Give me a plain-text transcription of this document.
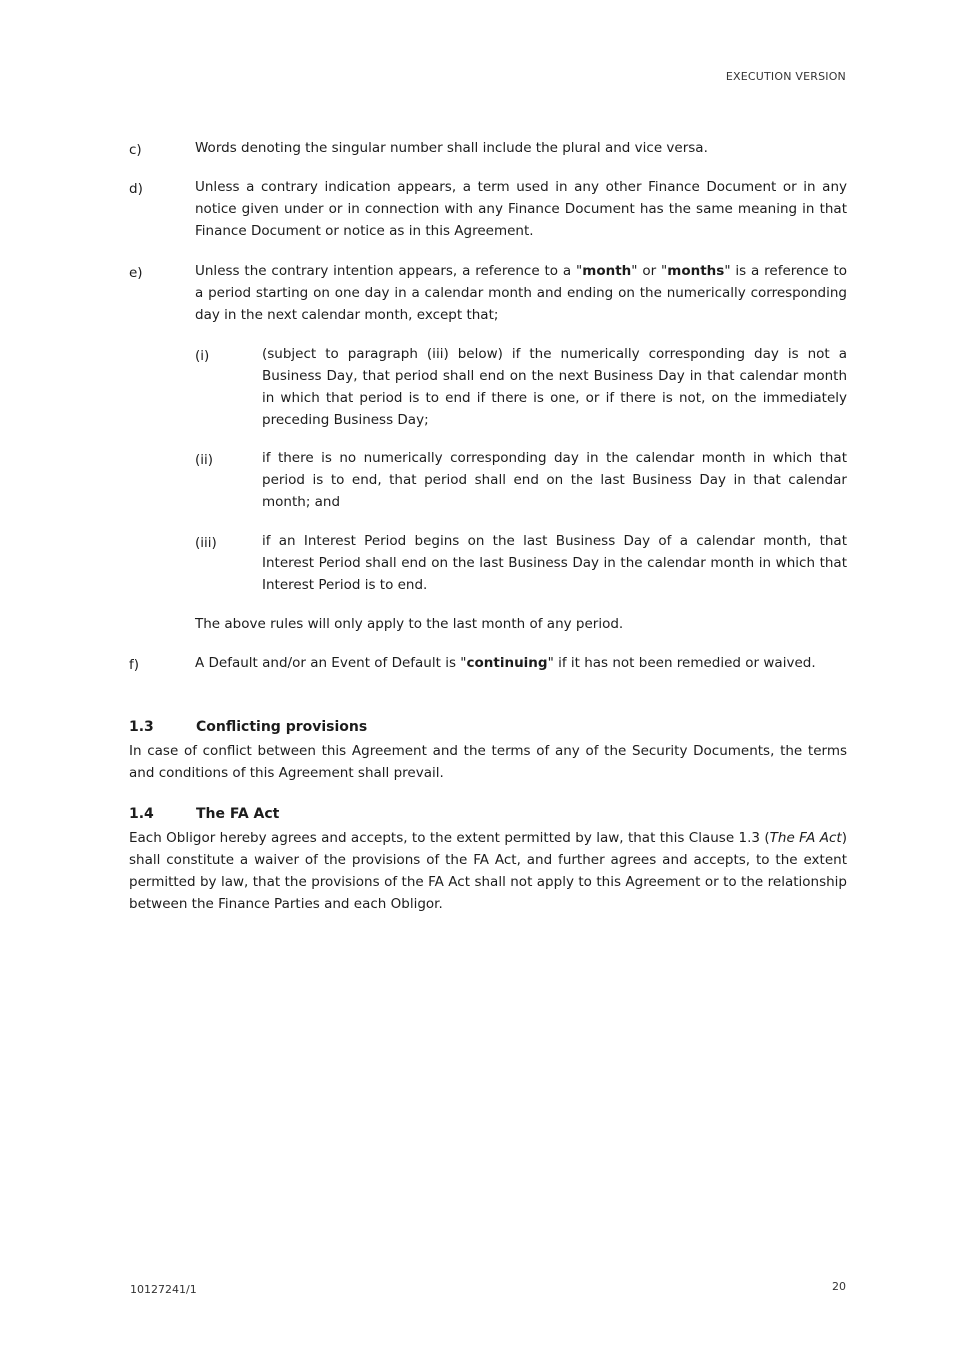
EXECUTION VERSION
c)	Words denoting the singular number shall include the plural and vice versa.
d)	Unless a contrary indication appears, a term used in any other Finance Document or in any notice given under or in connection with any Finance Document has the same meaning in that Finance Document or notice as in this Agreement.
e)	Unless the contrary intention appears, a reference to a "month" or "months" is a reference to a period starting on one day in a calendar month and ending on the numerically corresponding day in the next calendar month, except that;
(i)	(subject to paragraph (iii) below) if the numerically corresponding day is not a Business Day, that period shall end on the next Business Day in that calendar month in which that period is to end if there is one, or if there is not, on the immediately preceding Business Day;
(ii)	if there is no numerically corresponding day in the calendar month in which that period is to end, that period shall end on the last Business Day in that calendar month; and
(iii)	if an Interest Period begins on the last Business Day of a calendar month, that Interest Period shall end on the last Business Day in the calendar month in which that Interest Period is to end.
The above rules will only apply to the last month of any period.
f)	A Default and/or an Event of Default is "continuing" if it has not been remedied or waived.
1.3	Conflicting provisions
In case of conflict between this Agreement and the terms of any of the Security Documents, the terms and conditions of this Agreement shall prevail.
1.4	The FA Act
Each Obligor hereby agrees and accepts, to the extent permitted by law, that this Clause 1.3 (The FA Act) shall constitute a waiver of the provisions of the FA Act, and further agrees and accepts, to the extent permitted by law, that the provisions of the FA Act shall not apply to this Agreement or to the relationship between the Finance Parties and each Obligor.
10127241/1	20
